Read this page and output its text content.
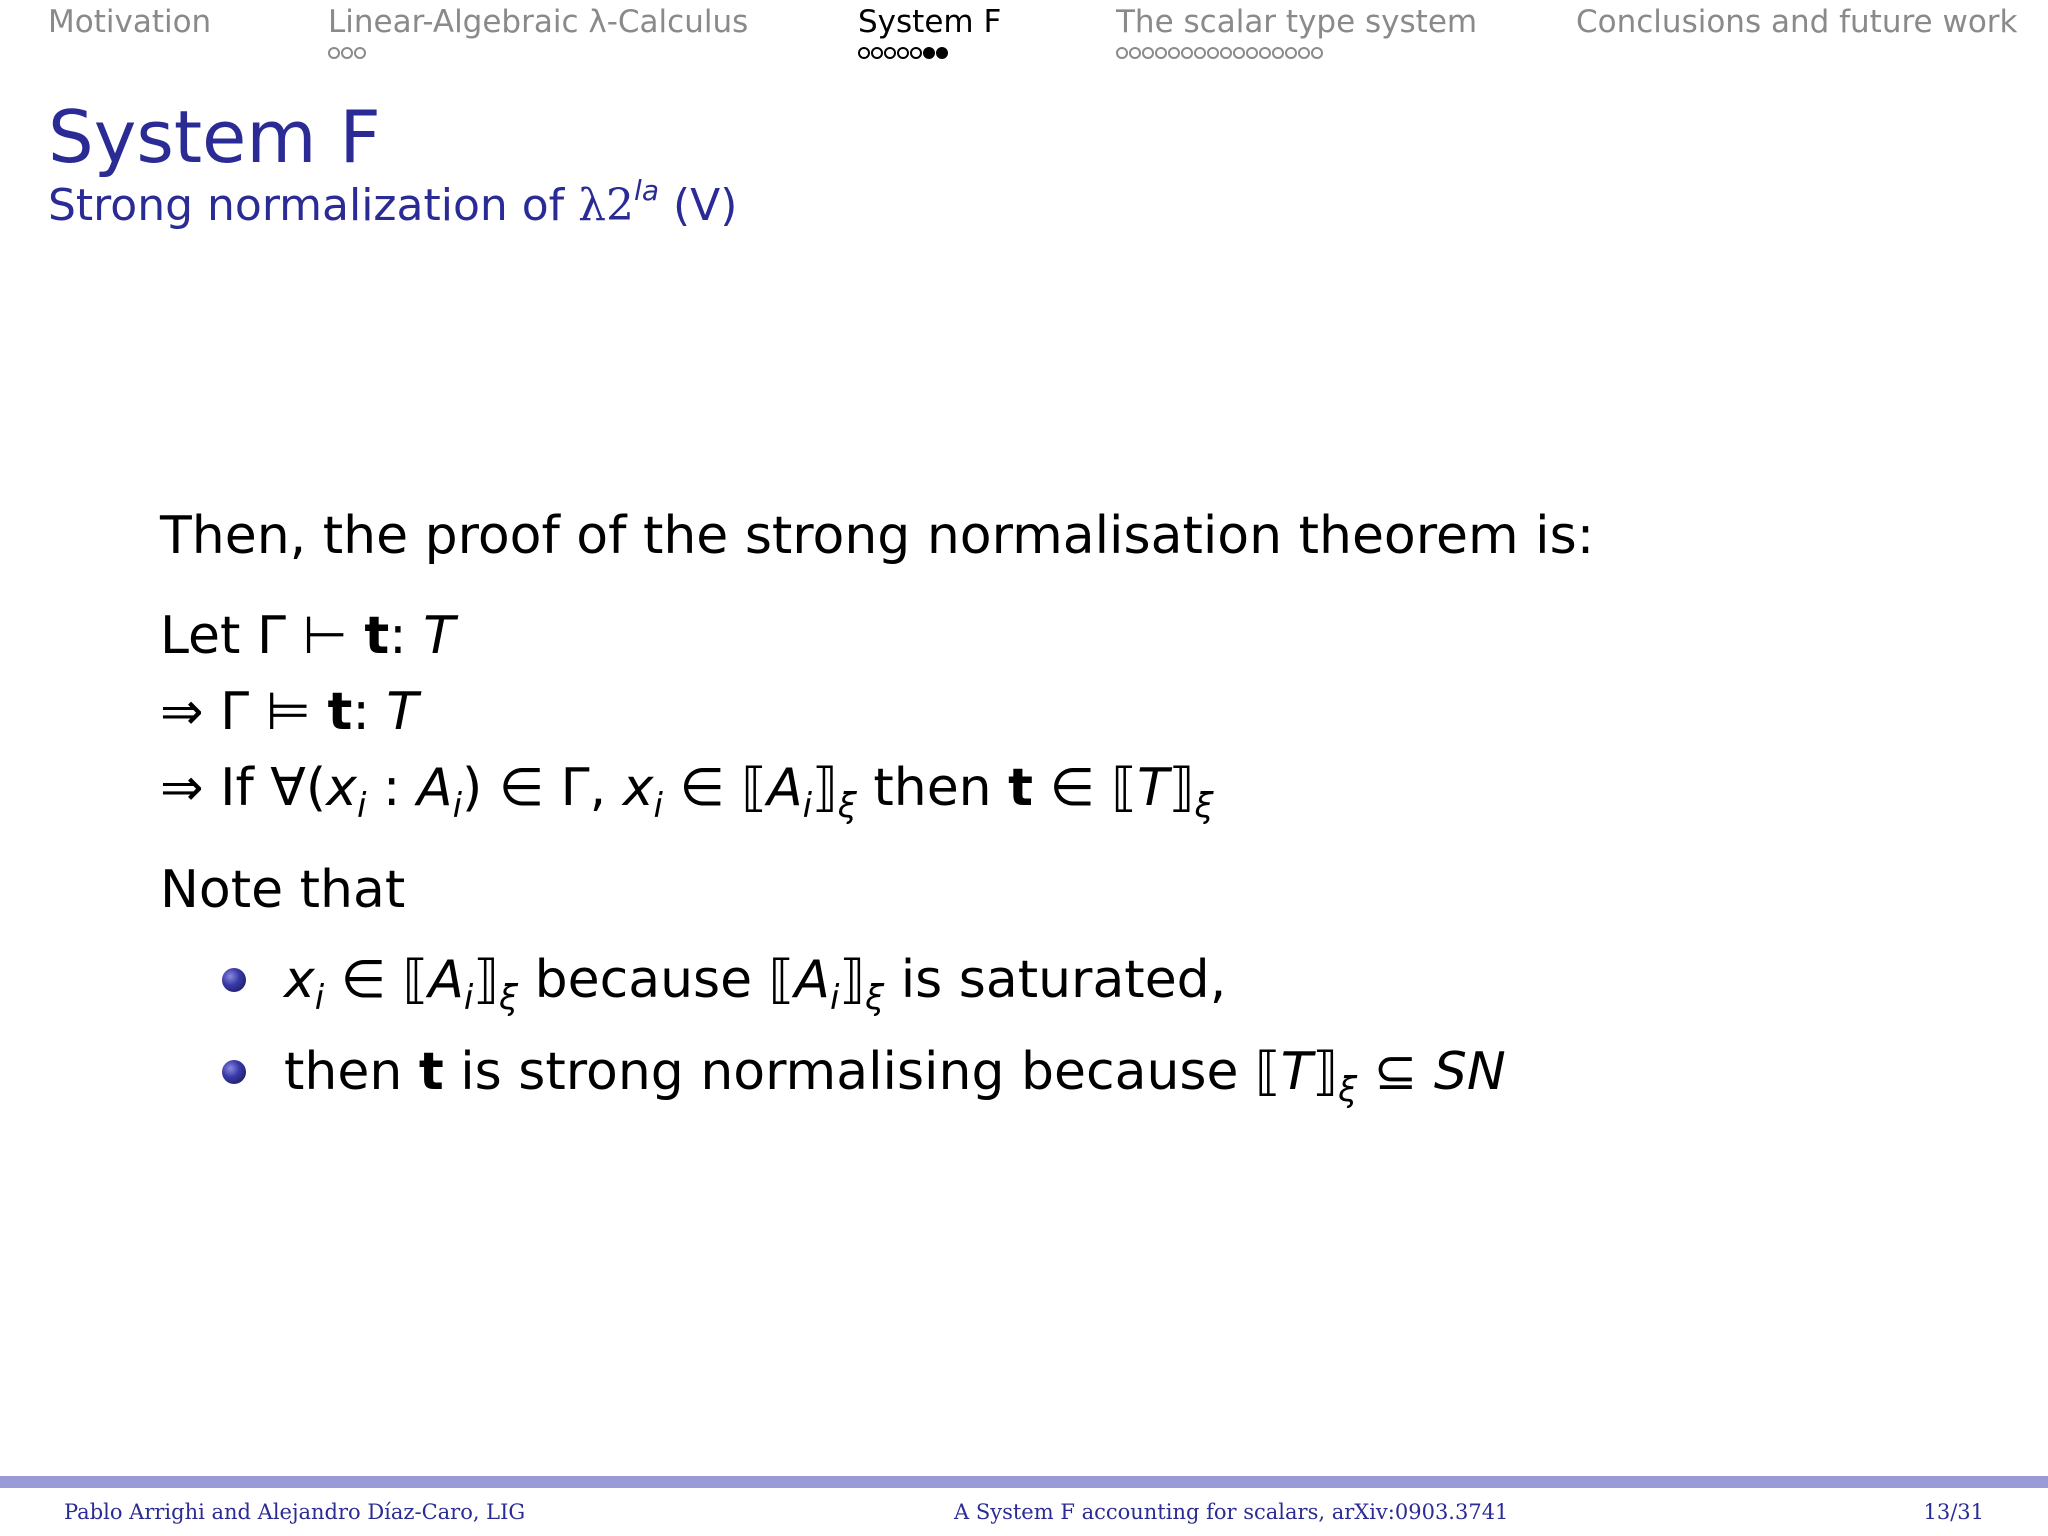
Motivation	Linear-Algebraic λ-Calculus	System F	The scalar type system	Conclusions and future work
System F
Strong normalization of $\lambda 2^{la}$ (V)
Then, the proof of the strong normalisation theorem is:
Let Γ ⊢ t: T
⇒ Γ ⊨ t: T
⇒ If $\forall(x_i$ : $A_i$) ∈ Γ, $x_i$ ∈ $⟦A_i⟧_\xi$ then t ∈ $⟦T⟧_\xi$
Note that
$x_i$ ∈ $⟦A_i⟧_\xi$ because $⟦A_i⟧_\xi$ is saturated,
then t is strong normalising because $⟦T⟧_\xi$ ⊆ SN
Pablo Arrighi and Alejandro Díaz-Caro, LIG	A System F accounting for scalars, arXiv:0903.3741	13/31
